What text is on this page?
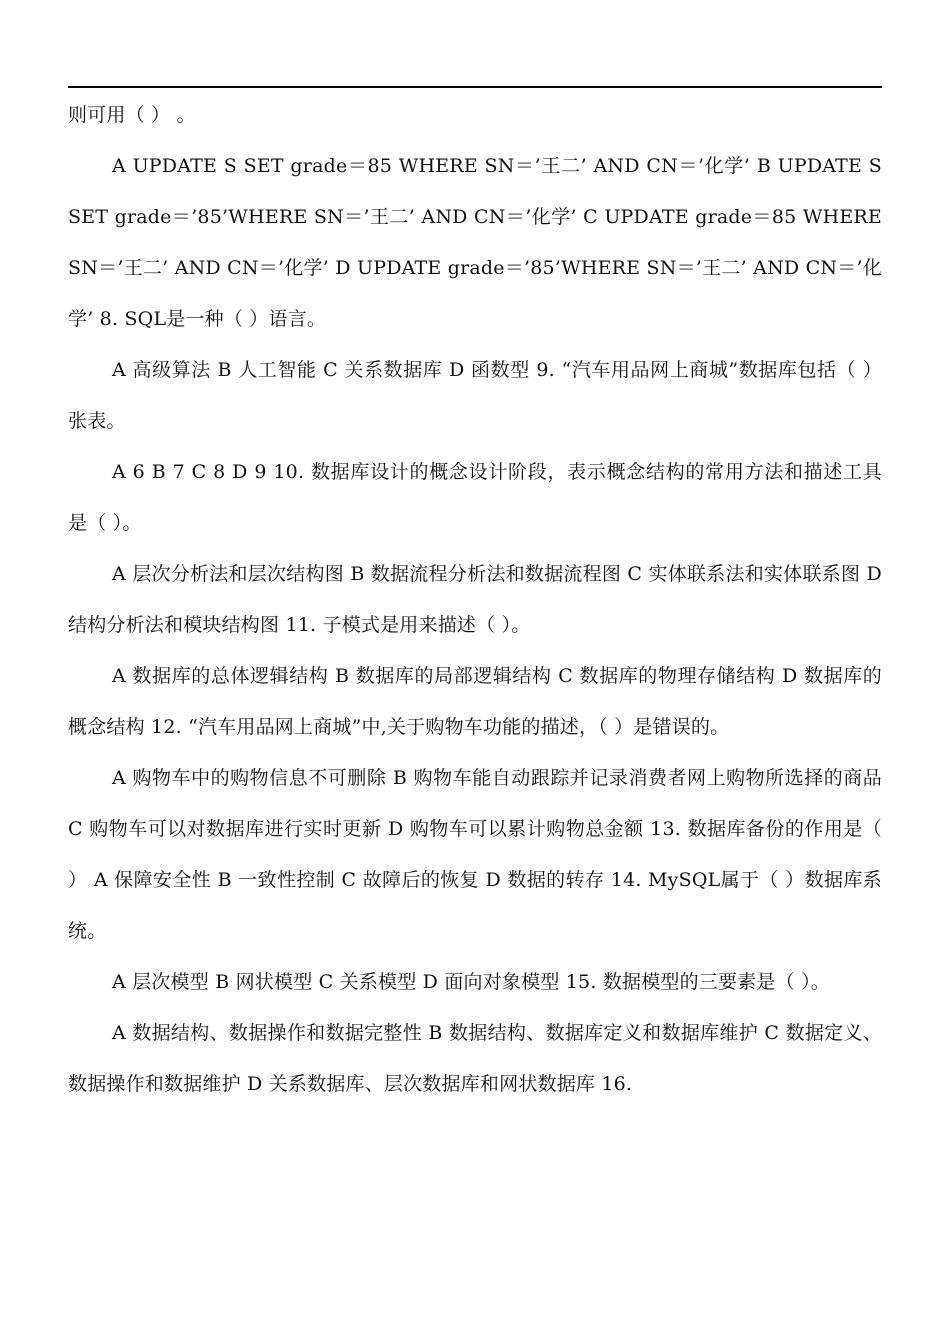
则可用（ ） 。

A UPDATE S SET grade＝85 WHERE SN＝’王二’ AND CN＝’化学’ B UPDATE S SET grade＝’85’WHERE SN＝’王二’ AND CN＝’化学’ C UPDATE grade＝85 WHERE SN＝’王二’ AND CN＝’化学’ D UPDATE grade＝’85’WHERE SN＝’王二’ AND CN＝’化学’ 8. SQL是一种（ ）语言。

A 高级算法 B 人工智能 C 关系数据库 D 函数型 9. “汽车用品网上商城”数据库包括（ ）张表。

A 6 B 7 C 8 D 9 10. 数据库设计的概念设计阶段，表示概念结构的常用方法和描述工具是（ ）。

A 层次分析法和层次结构图 B 数据流程分析法和数据流程图 C 实体联系法和实体联系图 D 结构分析法和模块结构图 11. 子模式是用来描述（ ）。

A 数据库的总体逻辑结构 B 数据库的局部逻辑结构 C 数据库的物理存储结构 D 数据库的概念结构 12. “汽车用品网上商城”中,关于购物车功能的描述，（ ）是错误的。

A 购物车中的购物信息不可删除 B 购物车能自动跟踪并记录消费者网上购物所选择的商品 C 购物车可以对数据库进行实时更新 D 购物车可以累计购物总金额 13. 数据库备份的作用是（ ） A 保障安全性 B 一致性控制 C 故障后的恢复 D 数据的转存 14. MySQL属于（ ）数据库系统。

A 层次模型 B 网状模型 C 关系模型 D 面向对象模型 15. 数据模型的三要素是（ ）。

A 数据结构、数据操作和数据完整性 B 数据结构、数据库定义和数据库维护 C 数据定义、数据操作和数据维护 D 关系数据库、层次数据库和网状数据库 16.
